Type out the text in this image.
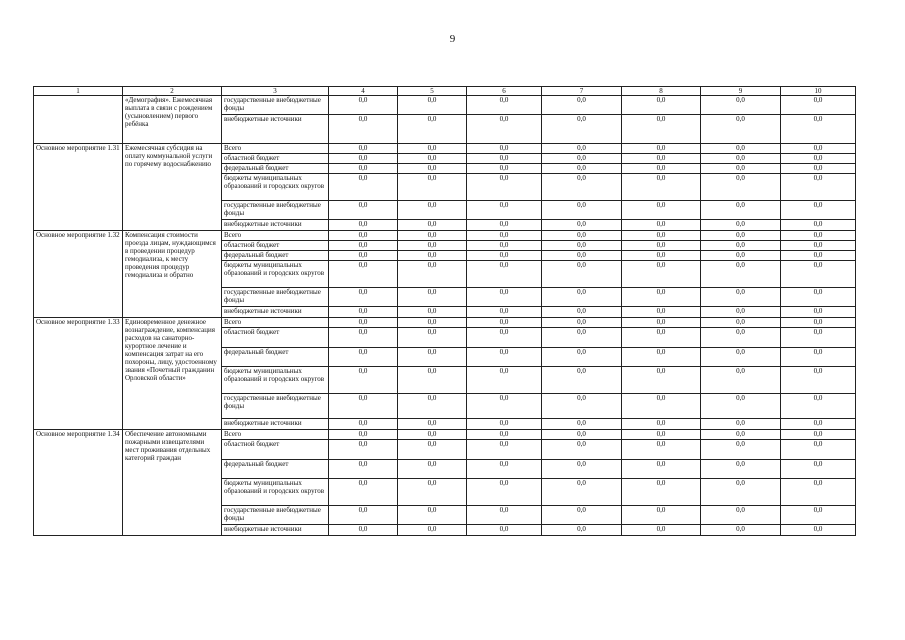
9
1	2	3	4	5	6	7	8	9	10
	«Демография». Ежемесячная выплата в связи с рождением (усыновлением) первого ребёнка	государственные внебюджетные фонды	0,0	0,0	0,0	0,0	0,0	0,0	0,0
		внебюджетные источники	0,0	0,0	0,0	0,0	0,0	0,0	0,0
Основное мероприятие 1.31	Ежемесячная субсидия на оплату коммунальной услуги по горячему водоснабжению	Всего	0,0	0,0	0,0	0,0	0,0	0,0	0,0
		областной бюджет	0,0	0,0	0,0	0,0	0,0	0,0	0,0
		федеральный бюджет	0,0	0,0	0,0	0,0	0,0	0,0	0,0
		бюджеты муниципальных образований и городских округов	0,0	0,0	0,0	0,0	0,0	0,0	0,0
		государственные внебюджетные фонды	0,0	0,0	0,0	0,0	0,0	0,0	0,0
		внебюджетные источники	0,0	0,0	0,0	0,0	0,0	0,0	0,0
Основное мероприятие 1.32	Компенсация стоимости проезда лицам, нуждающимся в проведении процедур гемодиализа, к месту проведения процедур гемодиализа и обратно	Всего	0,0	0,0	0,0	0,0	0,0	0,0	0,0
		областной бюджет	0,0	0,0	0,0	0,0	0,0	0,0	0,0
		федеральный бюджет	0,0	0,0	0,0	0,0	0,0	0,0	0,0
		бюджеты муниципальных образований и городских округов	0,0	0,0	0,0	0,0	0,0	0,0	0,0
		государственные внебюджетные фонды	0,0	0,0	0,0	0,0	0,0	0,0	0,0
		внебюджетные источники	0,0	0,0	0,0	0,0	0,0	0,0	0,0
Основное мероприятие 1.33	Единовременное денежное вознаграждение, компенсация расходов на санаторно-курортное лечение и компенсация затрат на его похороны, лицу, удостоенному звания «Почетный гражданин Орловской области»	Всего	0,0	0,0	0,0	0,0	0,0	0,0	0,0
		областной бюджет	0,0	0,0	0,0	0,0	0,0	0,0	0,0
		федеральный бюджет	0,0	0,0	0,0	0,0	0,0	0,0	0,0
		бюджеты муниципальных образований и городских округов	0,0	0,0	0,0	0,0	0,0	0,0	0,0
		государственные внебюджетные фонды	0,0	0,0	0,0	0,0	0,0	0,0	0,0
		внебюджетные источники	0,0	0,0	0,0	0,0	0,0	0,0	0,0
Основное мероприятие 1.34	Обеспечение автономными пожарными извещателями мест проживания отдельных категорий граждан	Всего	0,0	0,0	0,0	0,0	0,0	0,0	0,0
		областной бюджет	0,0	0,0	0,0	0,0	0,0	0,0	0,0
		федеральный бюджет	0,0	0,0	0,0	0,0	0,0	0,0	0,0
		бюджеты муниципальных образований и городских округов	0,0	0,0	0,0	0,0	0,0	0,0	0,0
		государственные внебюджетные фонды	0,0	0,0	0,0	0,0	0,0	0,0	0,0
		внебюджетные источники	0,0	0,0	0,0	0,0	0,0	0,0	0,0
